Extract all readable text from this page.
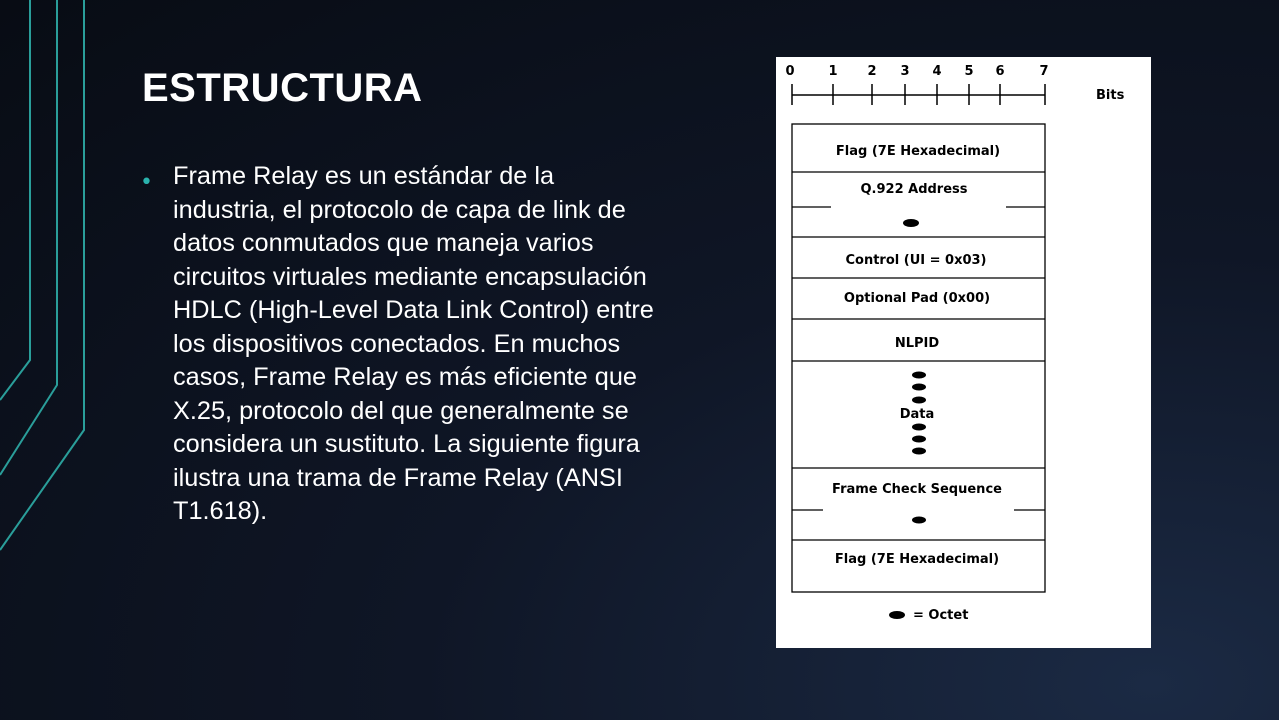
ESTRUCTURA
• Frame Relay es un estándar de la industria, el protocolo de capa de link de datos conmutados que maneja varios circuitos virtuales mediante encapsulación HDLC (High-Level Data Link Control) entre los dispositivos conectados. En muchos casos, Frame Relay es más eficiente que X.25, protocolo del que generalmente se considera un sustituto. La siguiente figura ilustra una trama de Frame Relay (ANSI T1.618).

0	1 2 3 4 5 6	7
Bits
Flag (7E Hexadecimal)
Q.922 Address
Control (UI = 0x03)
Optional Pad (0x00)
NLPID
Data
Frame Check Sequence
Flag (7E Hexadecimal)
= Octet
